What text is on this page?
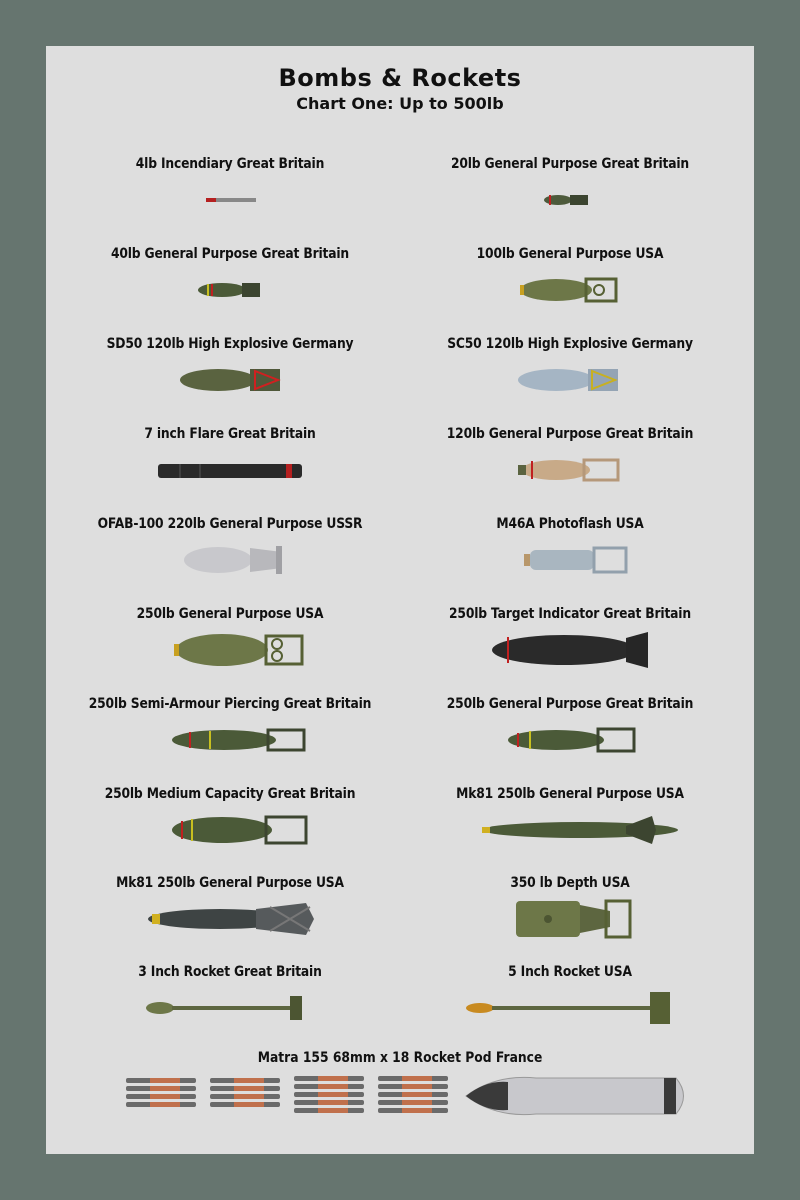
Bombs & Rockets
Chart One: Up to 500lb
4lb Incendiary Great Britain	20lb General Purpose Great Britain
40lb General Purpose Great Britain	100lb General Purpose USA
SD50 120lb High Explosive Germany	SC50 120lb High Explosive Germany
7 inch Flare Great Britain	120lb General Purpose Great Britain
OFAB-100 220lb General Purpose USSR	M46A Photoflash USA
250lb General Purpose USA	250lb Target Indicator Great Britain
250lb Semi-Armour Piercing Great Britain	250lb General Purpose Great Britain
250lb Medium Capacity Great Britain	Mk81 250lb General Purpose USA
Mk81 250lb General Purpose USA	350 lb Depth USA
3 Inch Rocket Great Britain	5 Inch Rocket USA
Matra 155 68mm x 18 Rocket Pod France
